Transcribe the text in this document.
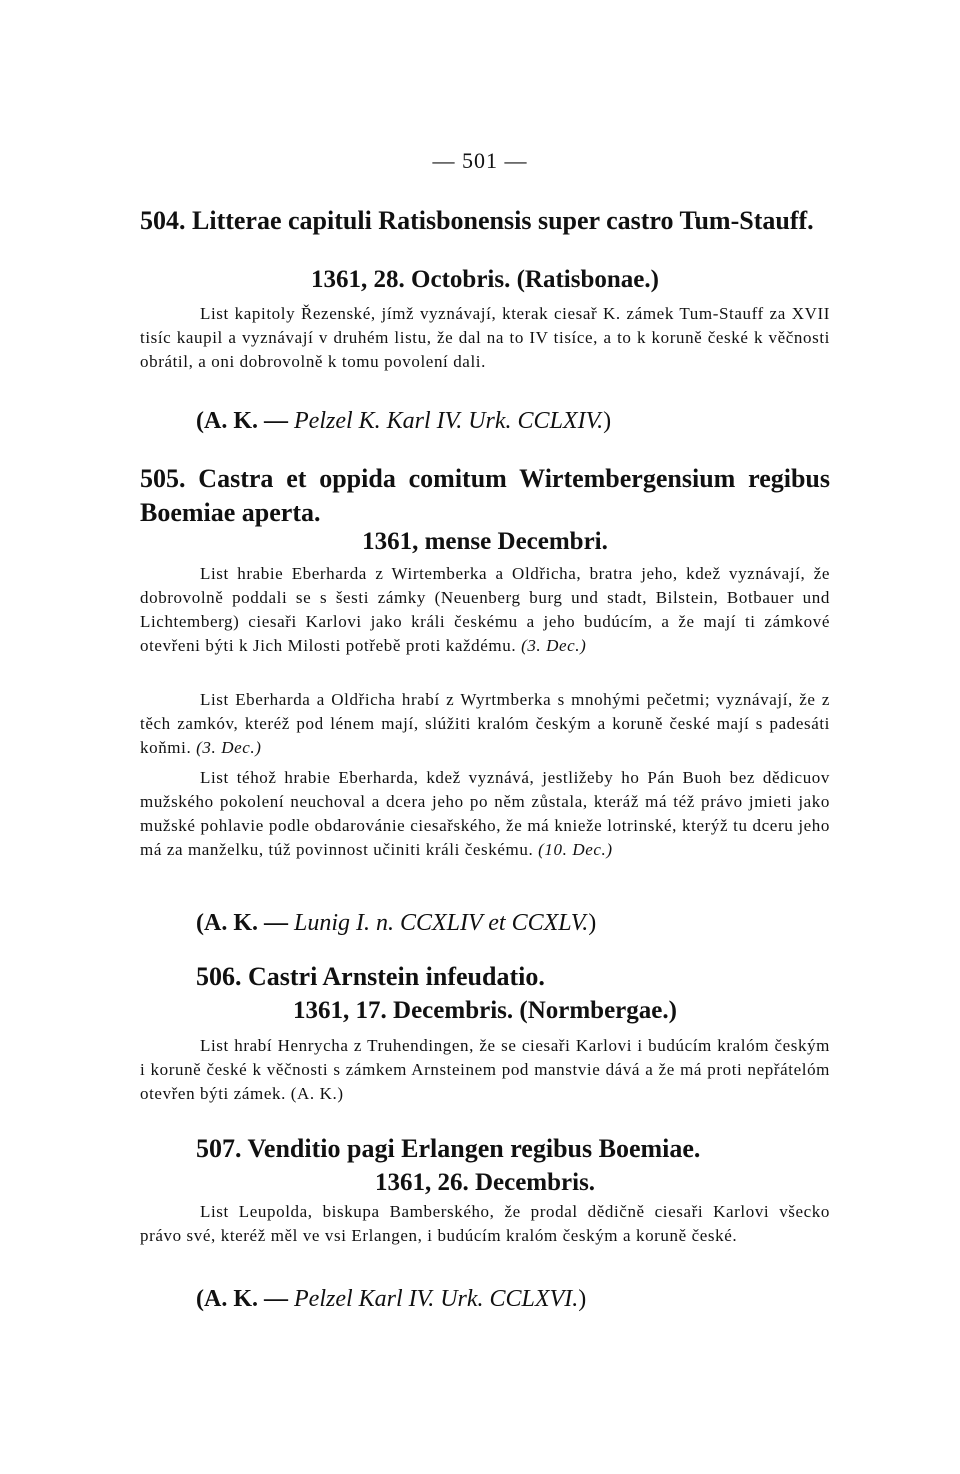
— 501 —
504. Litterae capituli Ratisbonensis super castro Tum-Stauff.
1361, 28. Octobris. (Ratisbonae.)
List kapitoly Řezenské, jímž vyznávají, kterak ciesař K. zámek Tum-Stauff za XVII tisíc kaupil a vyznávají v druhém listu, že dal na to IV tisíce, a to k koruně české k věčnosti obrátil, a oni dobrovolně k tomu povolení dali.
(A. K. — Pelzel K. Karl IV. Urk. CCLXIV.)
505. Castra et oppida comitum Wirtembergensium regibus Boemiae aperta.
1361, mense Decembri.
List hrabie Eberharda z Wirtemberka a Oldřicha, bratra jeho, kdež vyznávají, že dobrovolně poddali se s šesti zámky (Neuenberg burg und stadt, Bilstein, Botbauer und Lichtemberg) ciesaři Karlovi jako králi českému a jeho budúcím, a že mají ti zámkové otevřeni býti k Jich Milosti potřebě proti každému. (3. Dec.)
List Eberharda a Oldřicha hrabí z Wyrtmberka s mnohými pečetmi; vyznávají, že z těch zamkóv, kteréž pod lénem mají, slúžiti kralóm českým a koruně české mají s padesáti koňmi. (3. Dec.)
List téhož hrabie Eberharda, kdež vyznává, jestližeby ho Pán Buoh bez dědicuov mužského pokolení neuchoval a dcera jeho po něm zůstala, kteráž má též právo jmieti jako mužské pohlavie podle obdarovánie ciesařského, že má knieže lotrinské, kterýž tu dceru jeho má za manželku, túž povinnost učiniti králi českému. (10. Dec.)
(A. K. — Lunig I. n. CCXLIV et CCXLV.)
506. Castri Arnstein infeudatio.
1361, 17. Decembris. (Normbergae.)
List hrabí Henrycha z Truhendingen, že se ciesaři Karlovi i budúcím kralóm českým i koruně české k věčnosti s zámkem Arnsteinem pod manstvie dává a že má proti nepřátelóm otevřen býti zámek. (A. K.)
507. Venditio pagi Erlangen regibus Boemiae.
1361, 26. Decembris.
List Leupolda, biskupa Bamberského, že prodal dědičně ciesaři Karlovi všecko právo své, kteréž měl ve vsi Erlangen, i budúcím kralóm českým a koruně české.
(A. K. — Pelzel Karl IV. Urk. CCLXVI.)
